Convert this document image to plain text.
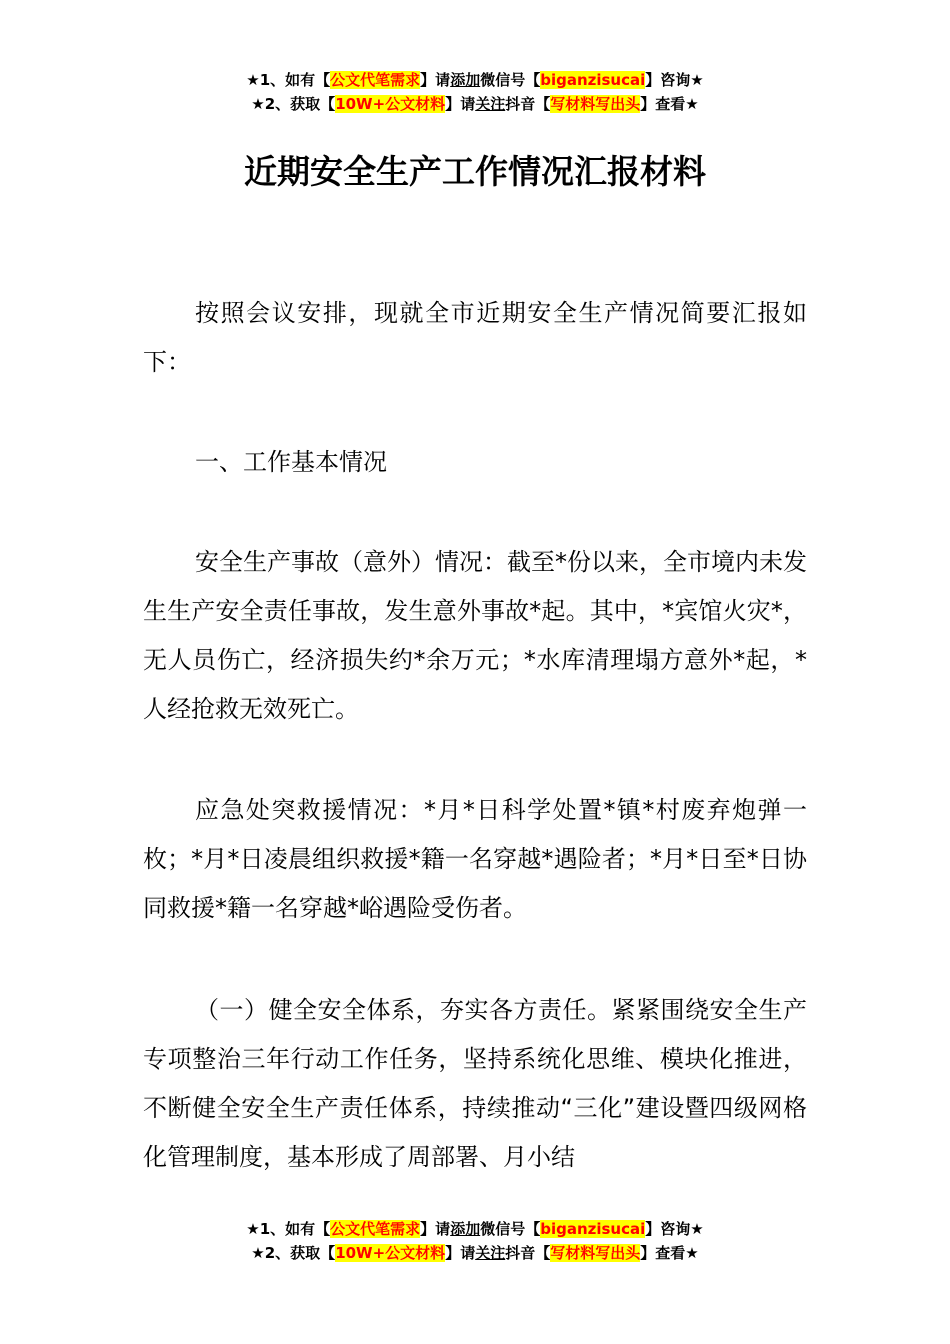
★1、如有【公文代笔需求】请添加微信号【biganzisucai】咨询★
★2、获取【10W+公文材料】请关注抖音【写材料写出头】查看★
近期安全生产工作情况汇报材料

按照会议安排，现就全市近期安全生产情况简要汇报如下：

一、工作基本情况

安全生产事故（意外）情况：截至*份以来，全市境内未发生生产安全责任事故，发生意外事故*起。其中，*宾馆火灾*，无人员伤亡，经济损失约*余万元；*水库清理塌方意外*起，*人经抢救无效死亡。

应急处突救援情况：*月*日科学处置*镇*村废弃炮弹一枚；*月*日凌晨组织救援*籍一名穿越*遇险者；*月*日至*日协同救援*籍一名穿越*峪遇险受伤者。

（一）健全安全体系，夯实各方责任。紧紧围绕安全生产专项整治三年行动工作任务，坚持系统化思维、模块化推进，不断健全安全生产责任体系，持续推动“三化”建设暨四级网格化管理制度，基本形成了周部署、月小结

★1、如有【公文代笔需求】请添加微信号【biganzisucai】咨询★
★2、获取【10W+公文材料】请关注抖音【写材料写出头】查看★
